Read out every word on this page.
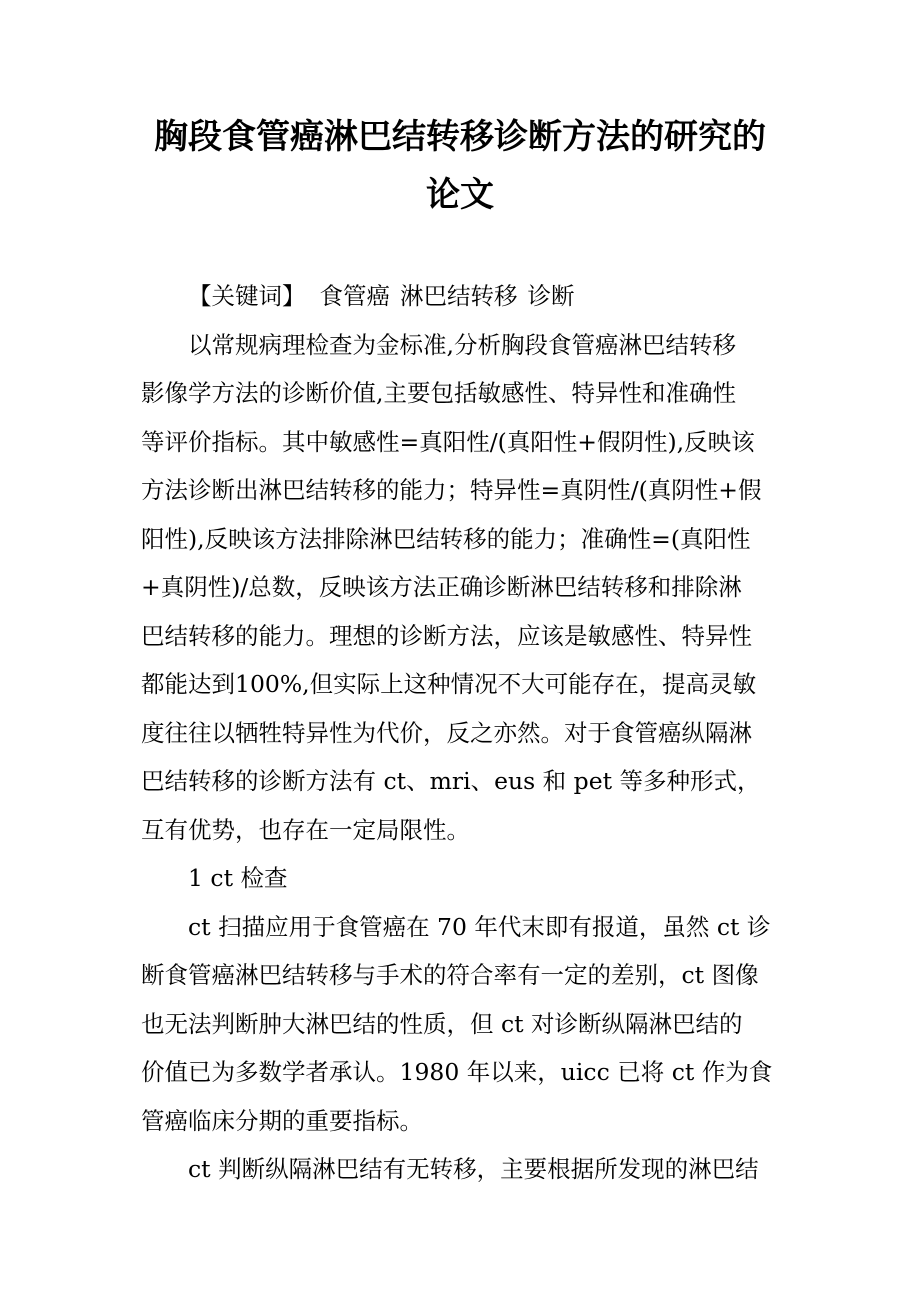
胸段食管癌淋巴结转移诊断方法的研究的
论文

【关键词】 食管癌 淋巴结转移 诊断

以常规病理检查为金标准,分析胸段食管癌淋巴结转移
影像学方法的诊断价值,主要包括敏感性、特异性和准确性
等评价指标。其中敏感性=真阳性/(真阳性+假阴性),反映该
方法诊断出淋巴结转移的能力；特异性=真阴性/(真阴性+假
阳性),反映该方法排除淋巴结转移的能力；准确性=(真阳性
+真阴性)/总数，反映该方法正确诊断淋巴结转移和排除淋
巴结转移的能力。理想的诊断方法，应该是敏感性、特异性
都能达到100%,但实际上这种情况不大可能存在，提高灵敏
度往往以牺牲特异性为代价，反之亦然。对于食管癌纵隔淋
巴结转移的诊断方法有 ct、mri、eus 和 pet 等多种形式，
互有优势，也存在一定局限性。

1 ct 检查

ct 扫描应用于食管癌在 70 年代末即有报道，虽然 ct 诊
断食管癌淋巴结转移与手术的符合率有一定的差别，ct 图像
也无法判断肿大淋巴结的性质，但 ct 对诊断纵隔淋巴结的
价值已为多数学者承认。1980 年以来，uicc 已将 ct 作为食
管癌临床分期的重要指标。

ct 判断纵隔淋巴结有无转移，主要根据所发现的淋巴结
